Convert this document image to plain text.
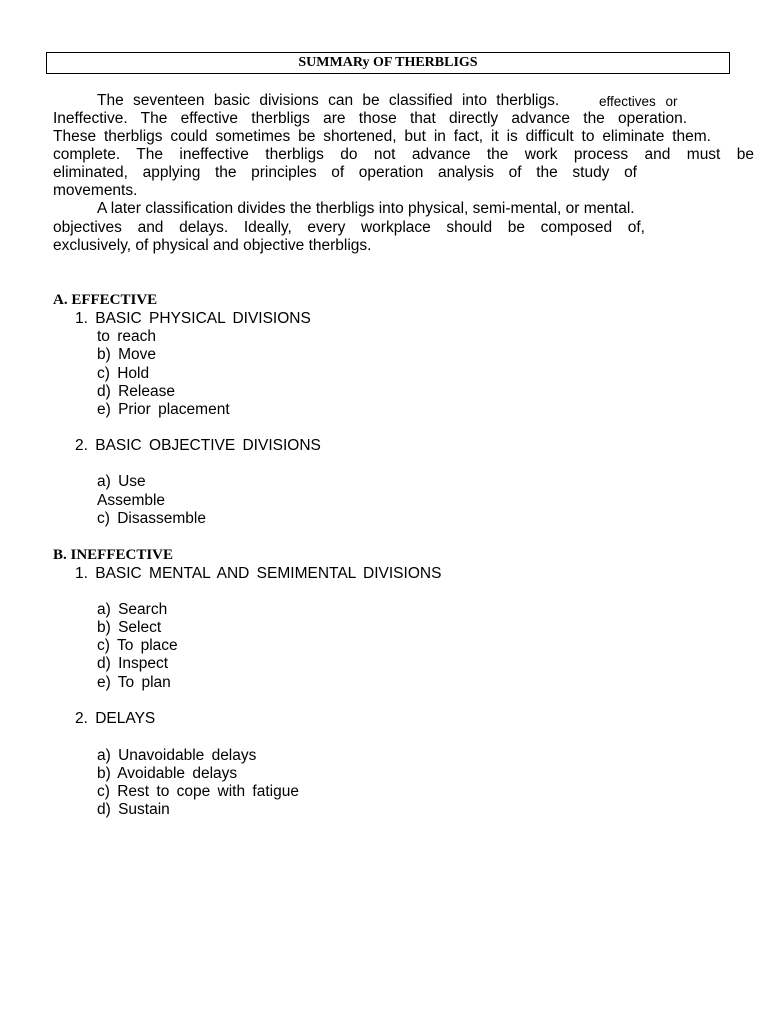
SUMMARy OF THERBLIGS
The seventeen basic divisions can be classified into therbligs.	effectives or
Ineffective. The effective therbligs are those that directly advance the operation.
These therbligs could sometimes be shortened, but in fact, it is difficult to eliminate them.
complete. The ineffective therbligs do not advance the work process and must be
eliminated, applying the principles of operation analysis of the study of
movements.
A later classification divides the therbligs into physical, semi-mental, or mental.
objectives and delays. Ideally, every workplace should be composed of,
exclusively, of physical and objective therbligs.
A. EFFECTIVE
1. BASIC PHYSICAL DIVISIONS
to reach
b) Move
c) Hold
d) Release
e) Prior placement
2. BASIC OBJECTIVE DIVISIONS
a) Use
Assemble
c) Disassemble
B. INEFFECTIVE
1. BASIC MENTAL AND SEMIMENTAL DIVISIONS
a) Search
b) Select
c) To place
d) Inspect
e) To plan
2. DELAYS
a) Unavoidable delays
b) Avoidable delays
c) Rest to cope with fatigue
d) Sustain
